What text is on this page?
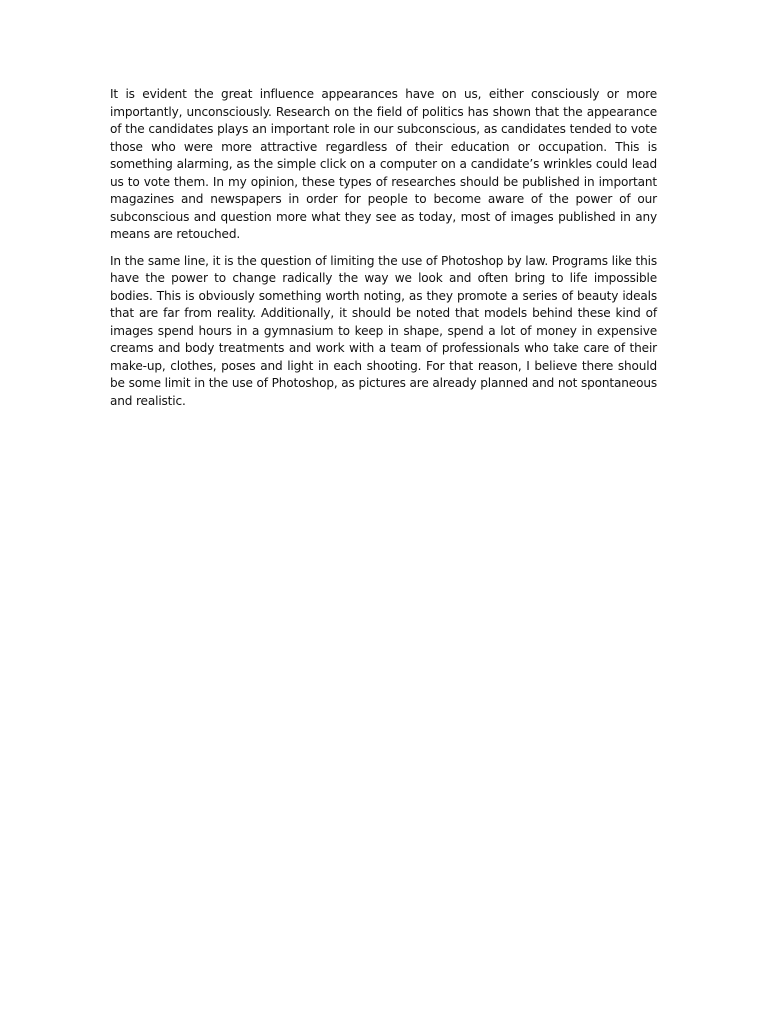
It is evident the great influence appearances have on us, either consciously or more importantly, unconsciously. Research on the field of politics has shown that the appearance of the candidates plays an important role in our subconscious, as candidates tended to vote those who were more attractive regardless of their education or occupation. This is something alarming, as the simple click on a computer on a candidate’s wrinkles could lead us to vote them. In my opinion, these types of researches should be published in important magazines and newspapers in order for people to become aware of the power of our subconscious and question more what they see as today, most of images published in any means are retouched.

In the same line, it is the question of limiting the use of Photoshop by law. Programs like this have the power to change radically the way we look and often bring to life impossible bodies. This is obviously something worth noting, as they promote a series of beauty ideals that are far from reality. Additionally, it should be noted that models behind these kind of images spend hours in a gymnasium to keep in shape, spend a lot of money in expensive creams and body treatments and work with a team of professionals who take care of their make-up, clothes, poses and light in each shooting. For that reason, I believe there should be some limit in the use of Photoshop, as pictures are already planned and not spontaneous and realistic.
